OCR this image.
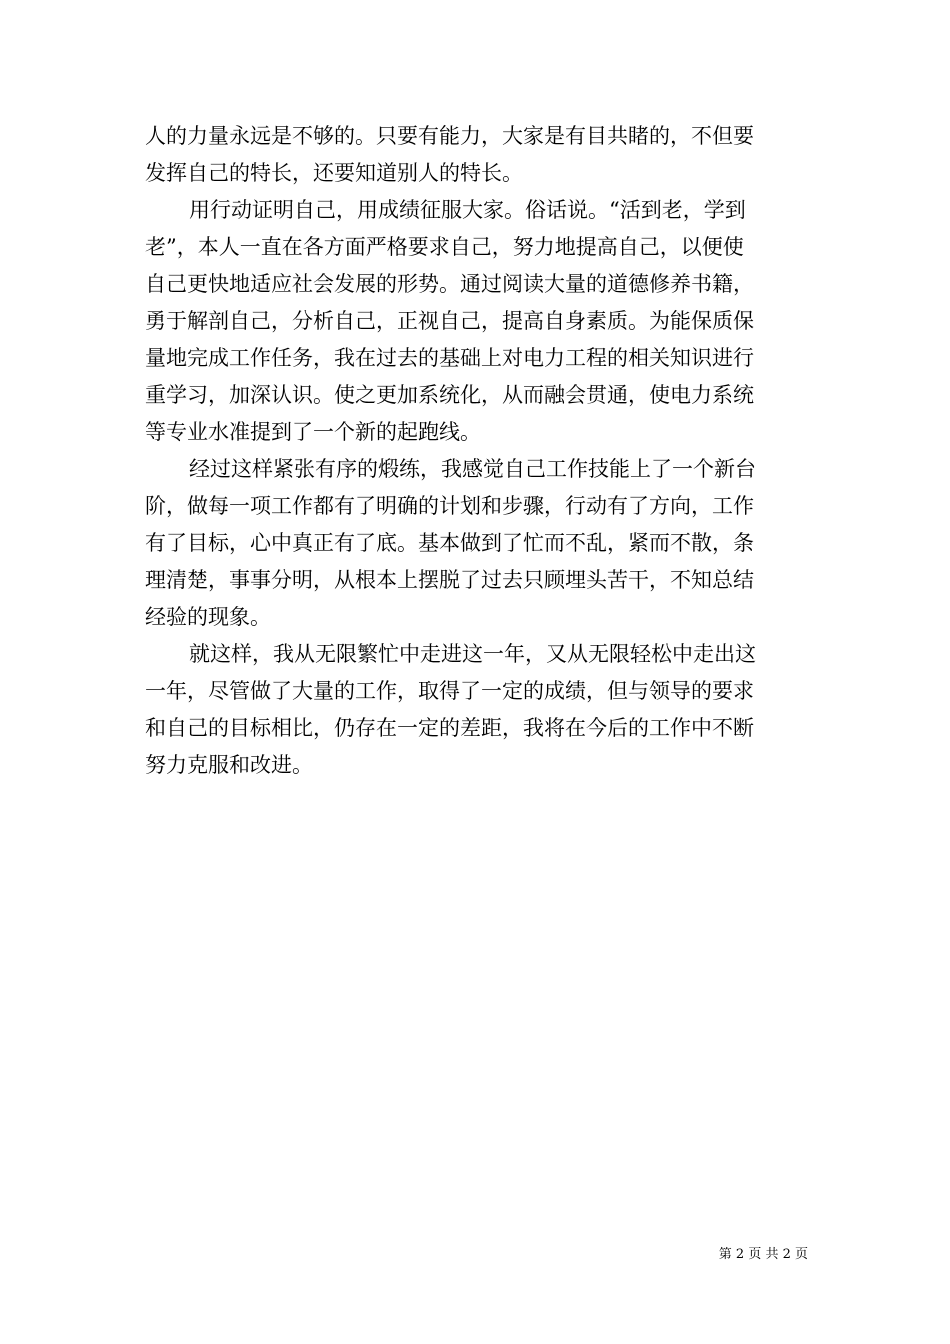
人的力量永远是不够的。只要有能力，大家是有目共睹的，不但要
发挥自己的特长，还要知道别人的特长。
用行动证明自己，用成绩征服大家。俗话说。“活到老，学到
老”，本人一直在各方面严格要求自己，努力地提高自己，以便使
自己更快地适应社会发展的形势。通过阅读大量的道德修养书籍，
勇于解剖自己，分析自己，正视自己，提高自身素质。为能保质保
量地完成工作任务，我在过去的基础上对电力工程的相关知识进行
重学习，加深认识。使之更加系统化，从而融会贯通，使电力系统
等专业水准提到了一个新的起跑线。
经过这样紧张有序的煅练，我感觉自己工作技能上了一个新台
阶，做每一项工作都有了明确的计划和步骤，行动有了方向，工作
有了目标，心中真正有了底。基本做到了忙而不乱，紧而不散，条
理清楚，事事分明，从根本上摆脱了过去只顾埋头苦干，不知总结
经验的现象。
就这样，我从无限繁忙中走进这一年，又从无限轻松中走出这
一年，尽管做了大量的工作，取得了一定的成绩，但与领导的要求
和自己的目标相比，仍存在一定的差距，我将在今后的工作中不断
努力克服和改进。
第 2 页 共 2 页
